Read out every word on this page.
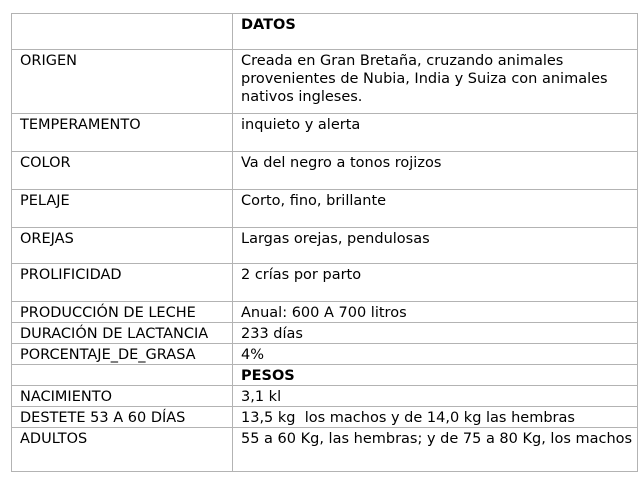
	DATOS

ORIGEN	Creada en Gran Bretaña, cruzando animales provenientes de Nubia, India y Suiza con animales nativos ingleses.

TEMPERAMENTO	inquieto y alerta

COLOR	Va del negro a tonos rojizos

PELAJE	Corto, fino, brillante

OREJAS	Largas orejas, pendulosas

PROLIFICIDAD	2 crías por parto

PRODUCCIÓN DE LECHE	Anual: 600 A 700 litros

DURACIÓN DE LACTANCIA	233 días

PORCENTAJE_DE_GRASA	4%

	PESOS

NACIMIENTO	3,1 kl

DESTETE 53 A 60 DÍAS	13,5 kg  los machos y de 14,0 kg las hembras

ADULTOS	55 a 60 Kg, las hembras; y de 75 a 80 Kg, los machos
